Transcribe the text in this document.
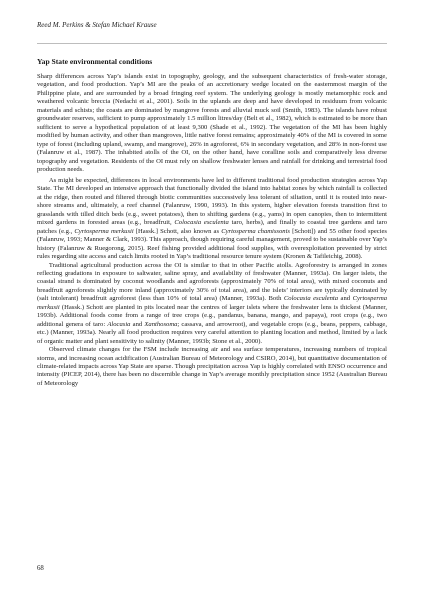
Reed M. Perkins & Stefan Michael Krause
Yap State environmental conditions

Sharp differences across Yap’s islands exist in topography, geology, and the subsequent characteristics of fresh-water storage, vegetation, and food production. Yap’s MI are the peaks of an accretionary wedge located on the easternmost margin of the Philippine plate, and are surrounded by a broad fringing reef system. The underlying geology is mostly metamorphic rock and weathered volcanic breccia (Nedachi et al., 2001). Soils in the uplands are deep and have developed in residuum from volcanic materials and schists; the coasts are dominated by mangrove forests and alluvial muck soil (Smith, 1983). The islands have robust groundwater reserves, sufficient to pump approximately 1.5 million litres/day (Belt et al., 1982), which is estimated to be more than sufficient to serve a hypothetical population of at least 9,300 (Shade et al., 1992). The vegetation of the MI has been highly modified by human activity, and other than mangroves, little native forest remains; approximately 40% of the MI is covered in some type of forest (including upland, swamp, and mangrove), 26% in agroforest, 6% in secondary vegetation, and 28% in non-forest use (Falanruw et al., 1987). The inhabited atolls of the OI, on the other hand, have coralline soils and comparatively less diverse topography and vegetation. Residents of the OI must rely on shallow freshwater lenses and rainfall for drinking and terrestrial food production needs.

As might be expected, differences in local environments have led to different traditional food production strategies across Yap State. The MI developed an intensive approach that functionally divided the island into habitat zones by which rainfall is collected at the ridge, then routed and filtered through biotic communities successively less tolerant of siltation, until it is routed into near-shore streams and, ultimately, a reef channel (Falanruw, 1990, 1993). In this system, higher elevation forests transition first to grasslands with tilled ditch beds (e.g., sweet potatoes), then to shifting gardens (e.g., yams) in open canopies, then to intermittent mixed gardens in forested areas (e.g., breadfruit, Colocasia esculenta taro, herbs), and finally to coastal tree gardens and taro patches (e.g., Cyrtosperma merkusii [Hassk.] Schott, also known as Cyrtosperma chamissonis [Schott]) and 55 other food species (Falanruw, 1993; Manner & Clark, 1993). This approach, though requiring careful management, proved to be sustainable over Yap’s history (Falanruw & Ruegorong, 2015). Reef fishing provided additional food supplies, with overexploitation prevented by strict rules regarding site access and catch limits rooted in Yap’s traditional resource tenure system (Kronen & Tafileichig, 2008).

Traditional agricultural production across the OI is similar to that in other Pacific atolls. Agroforestry is arranged in zones reflecting gradations in exposure to saltwater, saline spray, and availability of freshwater (Manner, 1993a). On larger islets, the coastal strand is dominated by coconut woodlands and agroforests (approximately 70% of total area), with mixed coconuts and breadfruit agroforests slightly more inland (approximately 30% of total area), and the islets’ interiors are typically dominated by (salt intolerant) breadfruit agroforest (less than 10% of total area) (Manner, 1993a). Both Colocasia esculenta and Cyrtosperma merkusii (Hassk.) Schott are planted in pits located near the centres of larger islets where the freshwater lens is thickest (Manner, 1993b). Additional foods come from a range of tree crops (e.g., pandanus, banana, mango, and papaya), root crops (e.g., two additional genera of taro: Alocasia and Xanthosoma; cassava, and arrowroot), and vegetable crops (e.g., beans, peppers, cabbage, etc.) (Manner, 1993a). Nearly all food production requires very careful attention to planting location and method, limited by a lack of organic matter and plant sensitivity to salinity (Manner, 1993b; Stone et al., 2000).

Observed climate changes for the FSM include increasing air and sea surface temperatures, increasing numbers of tropical storms, and increasing ocean acidification (Australian Bureau of Meteorology and CSIRO, 2014), but quantitative documentation of climate-related impacts across Yap State are sparse. Though precipitation across Yap is highly correlated with ENSO occurrence and intensity (PICEP, 2014), there has been no discernible change in Yap’s average monthly precipitation since 1952 (Australian Bureau of Meteorology

68
